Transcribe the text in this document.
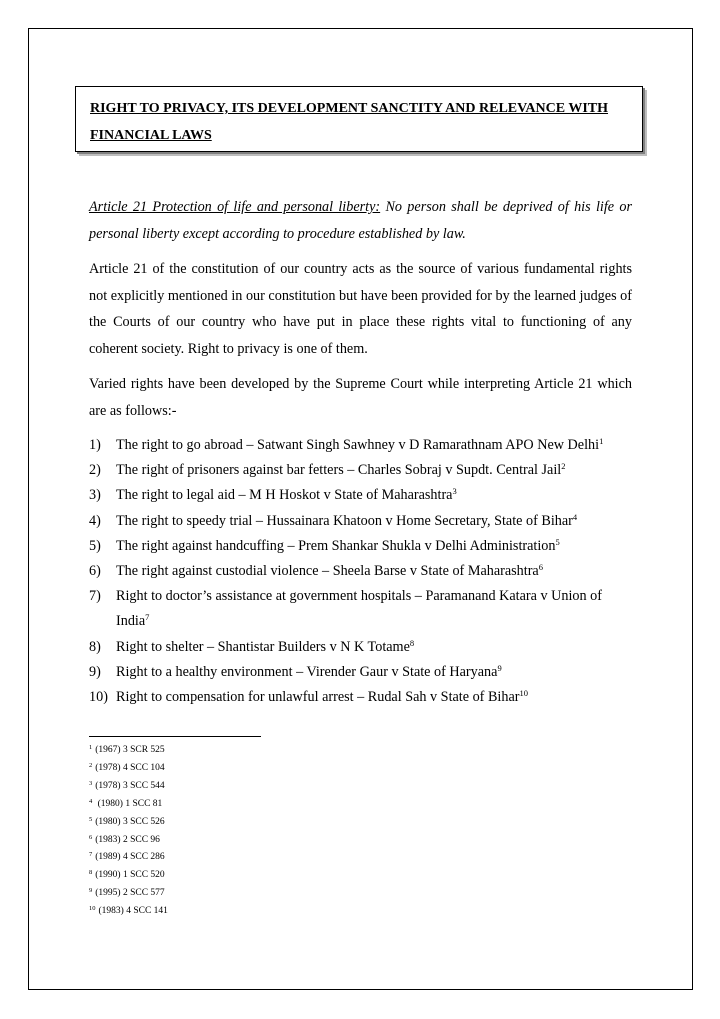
RIGHT TO PRIVACY, ITS DEVELOPMENT SANCTITY AND RELEVANCE WITH
FINANCIAL LAWS

Article 21 Protection of life and personal liberty: No person shall be deprived of his life or personal liberty except according to procedure established by law.

Article 21 of the constitution of our country acts as the source of various fundamental rights not explicitly mentioned in our constitution but have been provided for by the learned judges of the Courts of our country who have put in place these rights vital to functioning of any coherent society. Right to privacy is one of them.

Varied rights have been developed by the Supreme Court while interpreting Article 21 which are as follows:-

1) The right to go abroad – Satwant Singh Sawhney v D Ramarathnam APO New Delhi$^1$
2) The right of prisoners against bar fetters – Charles Sobraj v Supdt. Central Jail$^2$
3) The right to legal aid – M H Hoskot v State of Maharashtra$^3$
4) The right to speedy trial – Hussainara Khatoon v Home Secretary, State of Bihar$^4$
5) The right against handcuffing – Prem Shankar Shukla v Delhi Administration$^5$
6) The right against custodial violence – Sheela Barse v State of Maharashtra$^6$
7) Right to doctor’s assistance at government hospitals – Paramanand Katara v Union of India$^7$
8) Right to shelter – Shantistar Builders v N K Totame$^8$
9) Right to a healthy environment – Virender Gaur v State of Haryana$^9$
10) Right to compensation for unlawful arrest – Rudal Sah v State of Bihar$^{10}$
$^1$ (1967) 3 SCR 525
$^2$ (1978) 4 SCC 104
$^3$ (1978) 3 SCC 544
$^4$ (1980) 1 SCC 81
$^5$ (1980) 3 SCC 526
$^6$ (1983) 2 SCC 96
$^7$ (1989) 4 SCC 286
$^8$ (1990) 1 SCC 520
$^9$ (1995) 2 SCC 577
$^{10}$ (1983) 4 SCC 141
